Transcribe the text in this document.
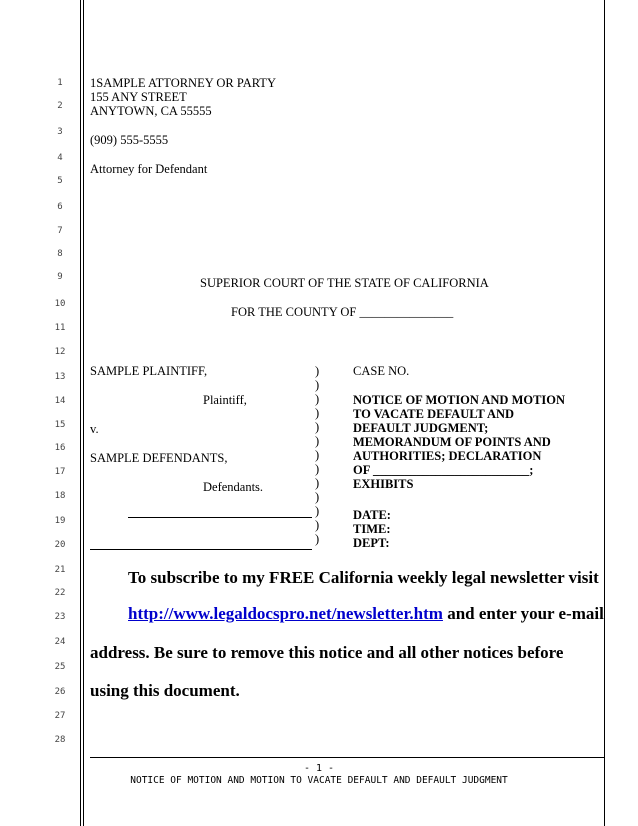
1
2
3
4
5
6
7
8
9
10
11
12
13
14
15
16
17
18
19
20
21
22
23
24
25
26
27
28
1SAMPLE ATTORNEY OR PARTY
155 ANY STREET
ANYTOWN, CA 55555
(909) 555-5555
Attorney for Defendant
SUPERIOR COURT OF THE STATE OF CALIFORNIA
FOR THE COUNTY OF _______________
SAMPLE PLAINTIFF,
Plaintiff,
v.
SAMPLE DEFENDANTS,
Defendants.
)
)
)
)
)
)
)
)
)
)
)
)
)
CASE NO.
NOTICE OF MOTION AND MOTION
TO VACATE DEFAULT AND
DEFAULT JUDGMENT;
MEMORANDUM OF POINTS AND
AUTHORITIES; DECLARATION
OF _________________________;
EXHIBITS
DATE:
TIME:
DEPT:
To subscribe to my FREE California weekly legal newsletter visit
http://www.legaldocspro.net/newsletter.htm and enter your e-mail
address. Be sure to remove this notice and all other notices before
using this document.
- 1 -
NOTICE OF MOTION AND MOTION TO VACATE DEFAULT AND DEFAULT JUDGMENT
